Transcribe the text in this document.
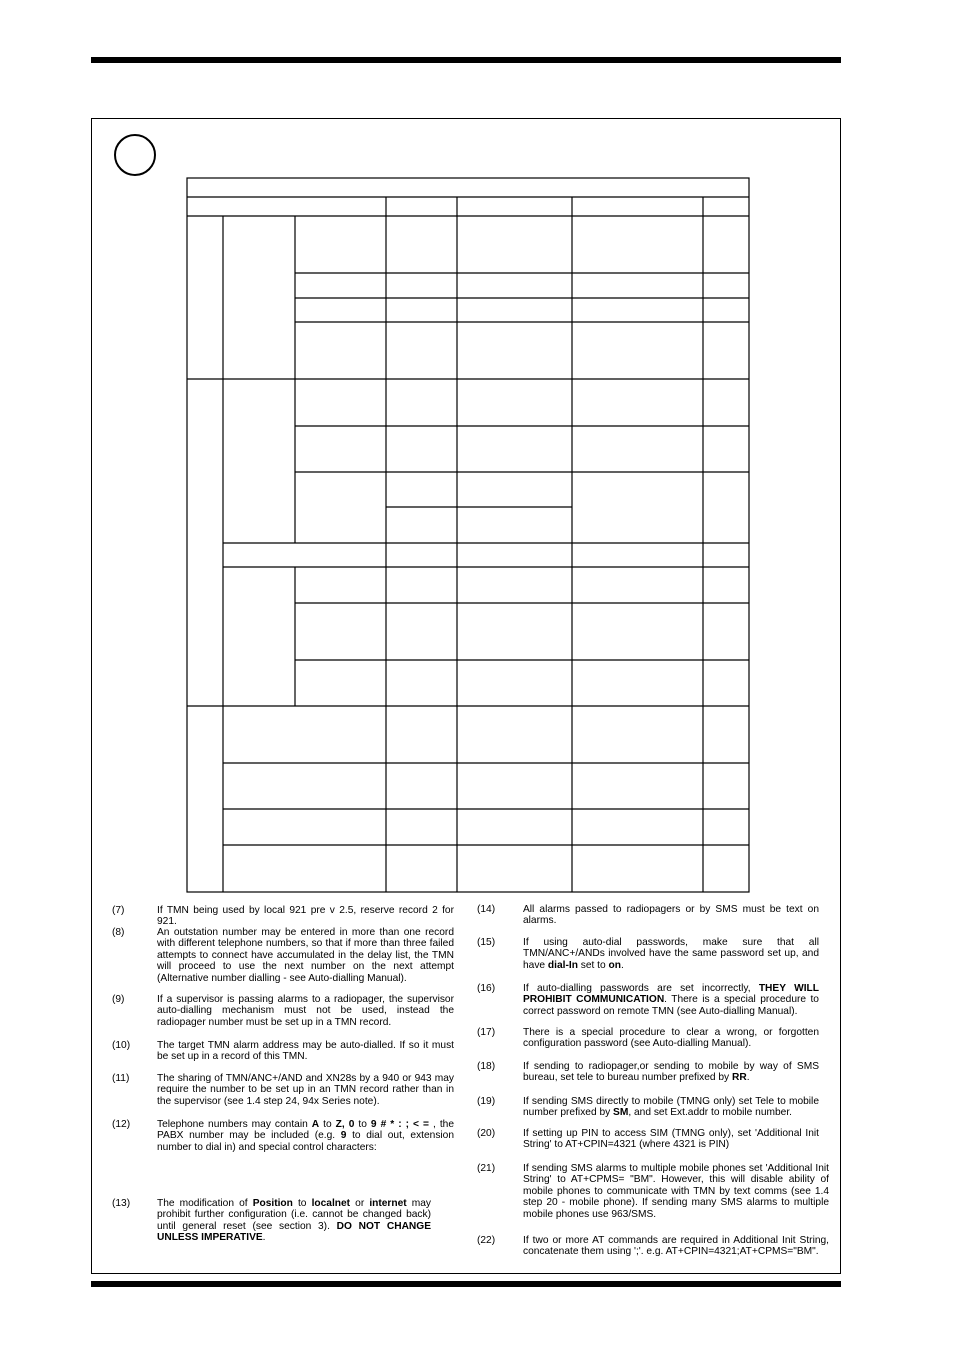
(7)	If TMN being used by local 921 pre v 2.5, reserve record 2 for 921.
(8)	An outstation number may be entered in more than one record with different telephone numbers, so that if more than three failed attempts to connect have accumulated in the delay list, the TMN will proceed to use the next number on the next attempt (Alternative number dialling - see Auto-dialling Manual).
(9)	If a supervisor is passing alarms to a radiopager, the supervisor auto-dialling mechanism must not be used, instead the radiopager number must be set up in a TMN record.
(10)	The target TMN alarm address may be auto-dialled. If so it must be set up in a record of this TMN.
(11)	The sharing of TMN/ANC+/AND and XN28s by a 940 or 943 may require the number to be set up in an TMN record rather than in the supervisor (see 1.4 step 24, 94x Series note).
(12)	Telephone numbers may contain A to Z, 0 to 9 # * : ; < = , the PABX number may be included (e.g. 9 to dial out, extension number to dial in) and special control characters:
(13)	The modification of Position to localnet or internet may prohibit further configuration (i.e. cannot be changed back) until general reset (see section 3). DO NOT CHANGE UNLESS IMPERATIVE.
(14)	All alarms passed to radiopagers or by SMS must be text on alarms.
(15)	If using auto-dial passwords, make sure that all TMN/ANC+/ANDs involved have the same password set up, and have dial-In set to on.
(16)	If auto-dialling passwords are set incorrectly, THEY WILL PROHIBIT COMMUNICATION. There is a special procedure to correct password on remote TMN (see Auto-dialling Manual).
(17)	There is a special procedure to clear a wrong, or forgotten configuration password (see Auto-dialling Manual).
(18)	If sending to radiopager,or sending to mobile by way of SMS bureau, set tele to bureau number prefixed by RR.
(19)	If sending SMS directly to mobile (TMNG only) set Tele to mobile number prefixed by SM, and set Ext.addr to mobile number.
(20)	If setting up PIN to access SIM (TMNG only), set 'Additional Init String' to AT+CPIN=4321 (where 4321 is PIN)
(21)	If sending SMS alarms to multiple mobile phones set 'Additional Init String' to AT+CPMS= "BM". However, this will disable ability of mobile phones to communicate with TMN by text comms (see 1.4 step 20 - mobile phone). If sending many SMS alarms to multiple mobile phones use 963/SMS.
(22)	If two or more AT commands are required in Additional Init String, concatenate them using ';'. e.g. AT+CPIN=4321;AT+CPMS="BM".
